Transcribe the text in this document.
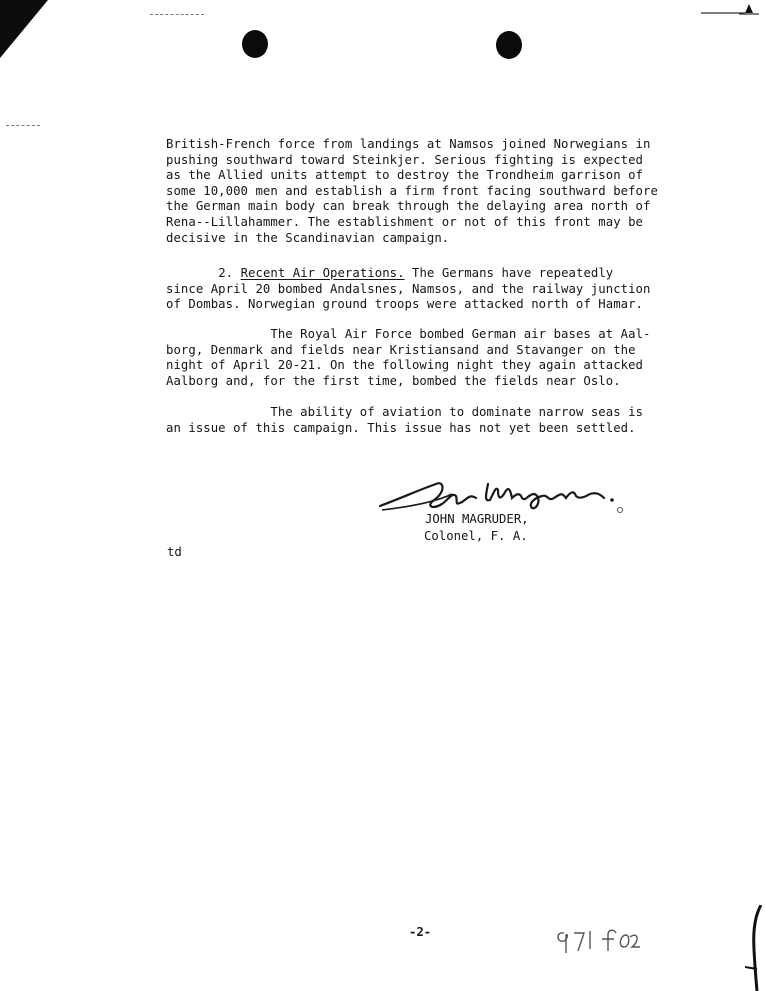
British-French force from landings at Namsos joined Norwegians in
pushing southward toward Steinkjer. Serious fighting is expected
as the Allied units attempt to destroy the Trondheim garrison of
some 10,000 men and establish a firm front facing southward before
the German main body can break through the delaying area north of
Rena--Lillahammer. The establishment or not of this front may be
decisive in the Scandinavian campaign.
2. Recent Air Operations. The Germans have repeatedly
since April 20 bombed Andalsnes, Namsos, and the railway junction
of Dombas. Norwegian ground troops were attacked north of Hamar.
The Royal Air Force bombed German air bases at Aal-
borg, Denmark and fields near Kristiansand and Stavanger on the
night of April 20-21. On the following night they again attacked
Aalborg and, for the first time, bombed the fields near Oslo.
The ability of aviation to dominate narrow seas is
an issue of this campaign. This issue has not yet been settled.
JOHN MAGRUDER,
Colonel, F. A.
td
-2-
